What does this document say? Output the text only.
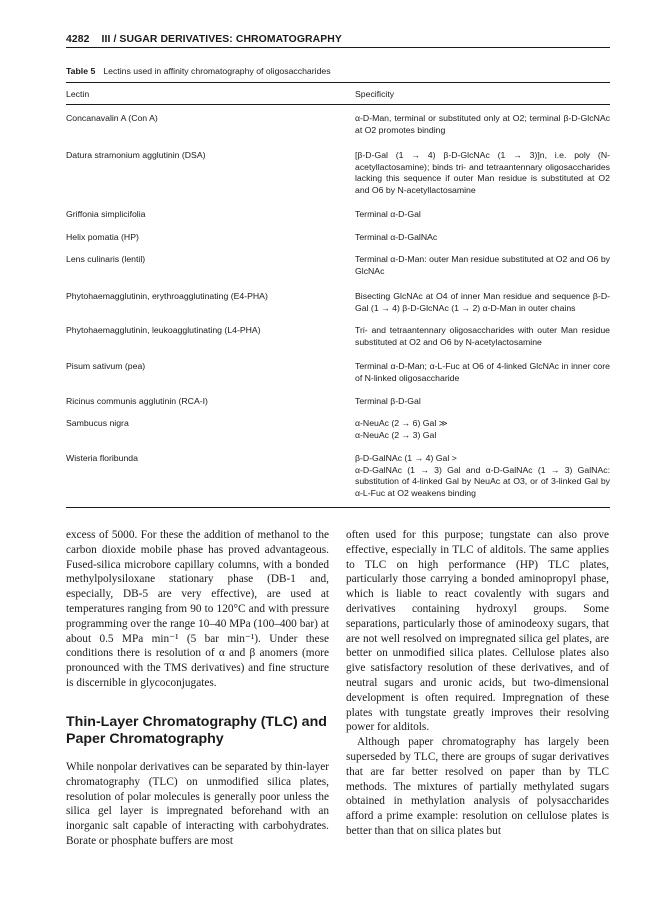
4282 III / SUGAR DERIVATIVES: CHROMATOGRAPHY
Table 5 Lectins used in affinity chromatography of oligosaccharides
Lectin	Specificity
Concanavalin A (Con A)	α-D-Man, terminal or substituted only at O2; terminal β-D-GlcNAc at O2 promotes binding
Datura stramonium agglutinin (DSA)	[β-D-Gal (1 → 4) β-D-GlcNAc (1 → 3)]n, i.e. poly (N-acetyllactosamine); binds tri- and tetraantennary oligosaccharides lacking this sequence if outer Man residue is substituted at O2 and O6 by N-acetyllactosamine
Griffonia simplicifolia	Terminal α-D-Gal
Helix pomatia (HP)	Terminal α-D-GalNAc
Lens culinaris (lentil)	Terminal α-D-Man: outer Man residue substituted at O2 and O6 by GlcNAc
Phytohaemagglutinin, erythroagglutinating (E4-PHA)	Bisecting GlcNAc at O4 of inner Man residue and sequence β-D-Gal (1 → 4) β-D-GlcNAc (1 → 2) α-D-Man in outer chains
Phytohaemagglutinin, leukoagglutinating (L4-PHA)	Tri- and tetraantennary oligosaccharides with outer Man residue substituted at O2 and O6 by N-acetylactosamine
Pisum sativum (pea)	Terminal α-D-Man; α-L-Fuc at O6 of 4-linked GlcNAc in inner core of N-linked oligosaccharide
Ricinus communis agglutinin (RCA-I)	Terminal β-D-Gal
Sambucus nigra	α-NeuAc (2 → 6) Gal ≫
α-NeuAc (2 → 3) Gal
Wisteria floribunda	β-D-GalNAc (1 → 4) Gal >
α-D-GalNAc (1 → 3) Gal and α-D-GalNAc (1 → 3) GalNAc: substitution of 4-linked Gal by NeuAc at O3, or of 3-linked Gal by α-L-Fuc at O2 weakens binding

excess of 5000. For these the addition of methanol to the carbon dioxide mobile phase has proved advantageous. Fused-silica microbore capillary columns, with a bonded methylpolysiloxane stationary phase (DB-1 and, especially, DB-5 are very effective), are used at temperatures ranging from 90 to 120°C and with pressure programming over the range 10–40 MPa (100–400 bar) at about 0.5 MPa min⁻¹ (5 bar min⁻¹). Under these conditions there is resolution of α and β anomers (more pronounced with the TMS derivatives) and fine structure is discernible in glycoconjugates.

Thin-Layer Chromatography (TLC) and Paper Chromatography

While nonpolar derivatives can be separated by thin-layer chromatography (TLC) on unmodified silica plates, resolution of polar molecules is generally poor unless the silica gel layer is impregnated beforehand with an inorganic salt capable of interacting with carbohydrates. Borate or phosphate buffers are most

often used for this purpose; tungstate can also prove effective, especially in TLC of alditols. The same applies to TLC on high performance (HP) TLC plates, particularly those carrying a bonded aminopropyl phase, which is liable to react covalently with sugars and derivatives containing hydroxyl groups. Some separations, particularly those of aminodeoxy sugars, that are not well resolved on impregnated silica gel plates, are better on unmodified silica plates. Cellulose plates also give satisfactory resolution of these derivatives, and of neutral sugars and uronic acids, but two-dimensional development is often required. Impregnation of these plates with tungstate greatly improves their resolving power for alditols.

Although paper chromatography has largely been superseded by TLC, there are groups of sugar derivatives that are far better resolved on paper than by TLC methods. The mixtures of partially methylated sugars obtained in methylation analysis of polysaccharides afford a prime example: resolution on cellulose plates is better than that on silica plates but
